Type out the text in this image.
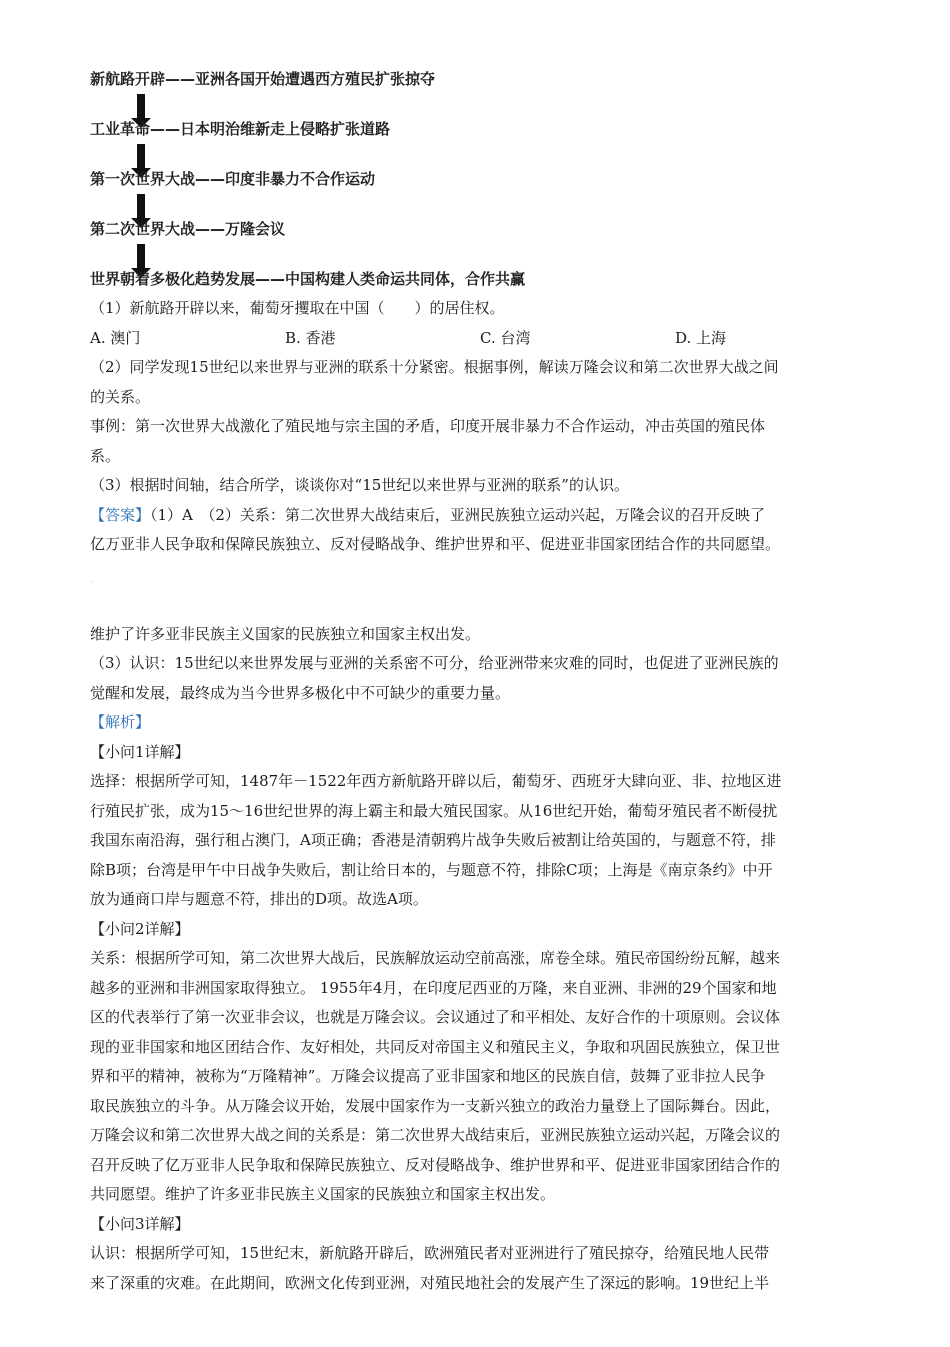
新航路开辟——亚洲各国开始遭遇西方殖民扩张掠夺
工业革命——日本明治维新走上侵略扩张道路
第一次世界大战——印度非暴力不合作运动
第二次世界大战——万隆会议
世界朝着多极化趋势发展——中国构建人类命运共同体，合作共赢

（1）新航路开辟以来，葡萄牙攫取在中国（　　）的居住权。

A. 澳门	B. 香港	C. 台湾	D. 上海

（2）同学发现15世纪以来世界与亚洲的联系十分紧密。根据事例，解读万隆会议和第二次世界大战之间

的关系。

事例：第一次世界大战激化了殖民地与宗主国的矛盾，印度开展非暴力不合作运动，冲击英国的殖民体

系。

（3）根据时间轴，结合所学，谈谈你对“15世纪以来世界与亚洲的联系”的认识。

【答案】（1）A　（2）关系：第二次世界大战结束后，亚洲民族独立运动兴起，万隆会议的召开反映了

亿万亚非人民争取和保障民族独立、反对侵略战争、维护世界和平、促进亚非国家团结合作的共同愿望。

·

维护了许多亚非民族主义国家的民族独立和国家主权出发。

（3）认识：15世纪以来世界发展与亚洲的关系密不可分，给亚洲带来灾难的同时，也促进了亚洲民族的

觉醒和发展，最终成为当今世界多极化中不可缺少的重要力量。

【解析】

【小问1详解】

选择：根据所学可知，1487年－1522年西方新航路开辟以后，葡萄牙、西班牙大肆向亚、非、拉地区进

行殖民扩张，成为15～16世纪世界的海上霸主和最大殖民国家。从16世纪开始，葡萄牙殖民者不断侵扰

我国东南沿海，强行租占澳门，A项正确；香港是清朝鸦片战争失败后被割让给英国的，与题意不符，排

除B项；台湾是甲午中日战争失败后，割让给日本的，与题意不符，排除C项；上海是《南京条约》中开

放为通商口岸与题意不符，排出的D项。故选A项。

【小问2详解】

关系：根据所学可知，第二次世界大战后，民族解放运动空前高涨，席卷全球。殖民帝国纷纷瓦解，越来

越多的亚洲和非洲国家取得独立。 1955年4月，在印度尼西亚的万隆，来自亚洲、非洲的29个国家和地

区的代表举行了第一次亚非会议，也就是万隆会议。会议通过了和平相处、友好合作的十项原则。会议体

现的亚非国家和地区团结合作、友好相处，共同反对帝国主义和殖民主义，争取和巩固民族独立，保卫世

界和平的精神，被称为“万隆精神”。万隆会议提高了亚非国家和地区的民族自信，鼓舞了亚非拉人民争

取民族独立的斗争。从万隆会议开始，发展中国家作为一支新兴独立的政治力量登上了国际舞台。因此，

万隆会议和第二次世界大战之间的关系是：第二次世界大战结束后，亚洲民族独立运动兴起，万隆会议的

召开反映了亿万亚非人民争取和保障民族独立、反对侵略战争、维护世界和平、促进亚非国家团结合作的

共同愿望。维护了许多亚非民族主义国家的民族独立和国家主权出发。

【小问3详解】

认识：根据所学可知，15世纪末，新航路开辟后，欧洲殖民者对亚洲进行了殖民掠夺，给殖民地人民带

来了深重的灾难。在此期间，欧洲文化传到亚洲，对殖民地社会的发展产生了深远的影响。19世纪上半
